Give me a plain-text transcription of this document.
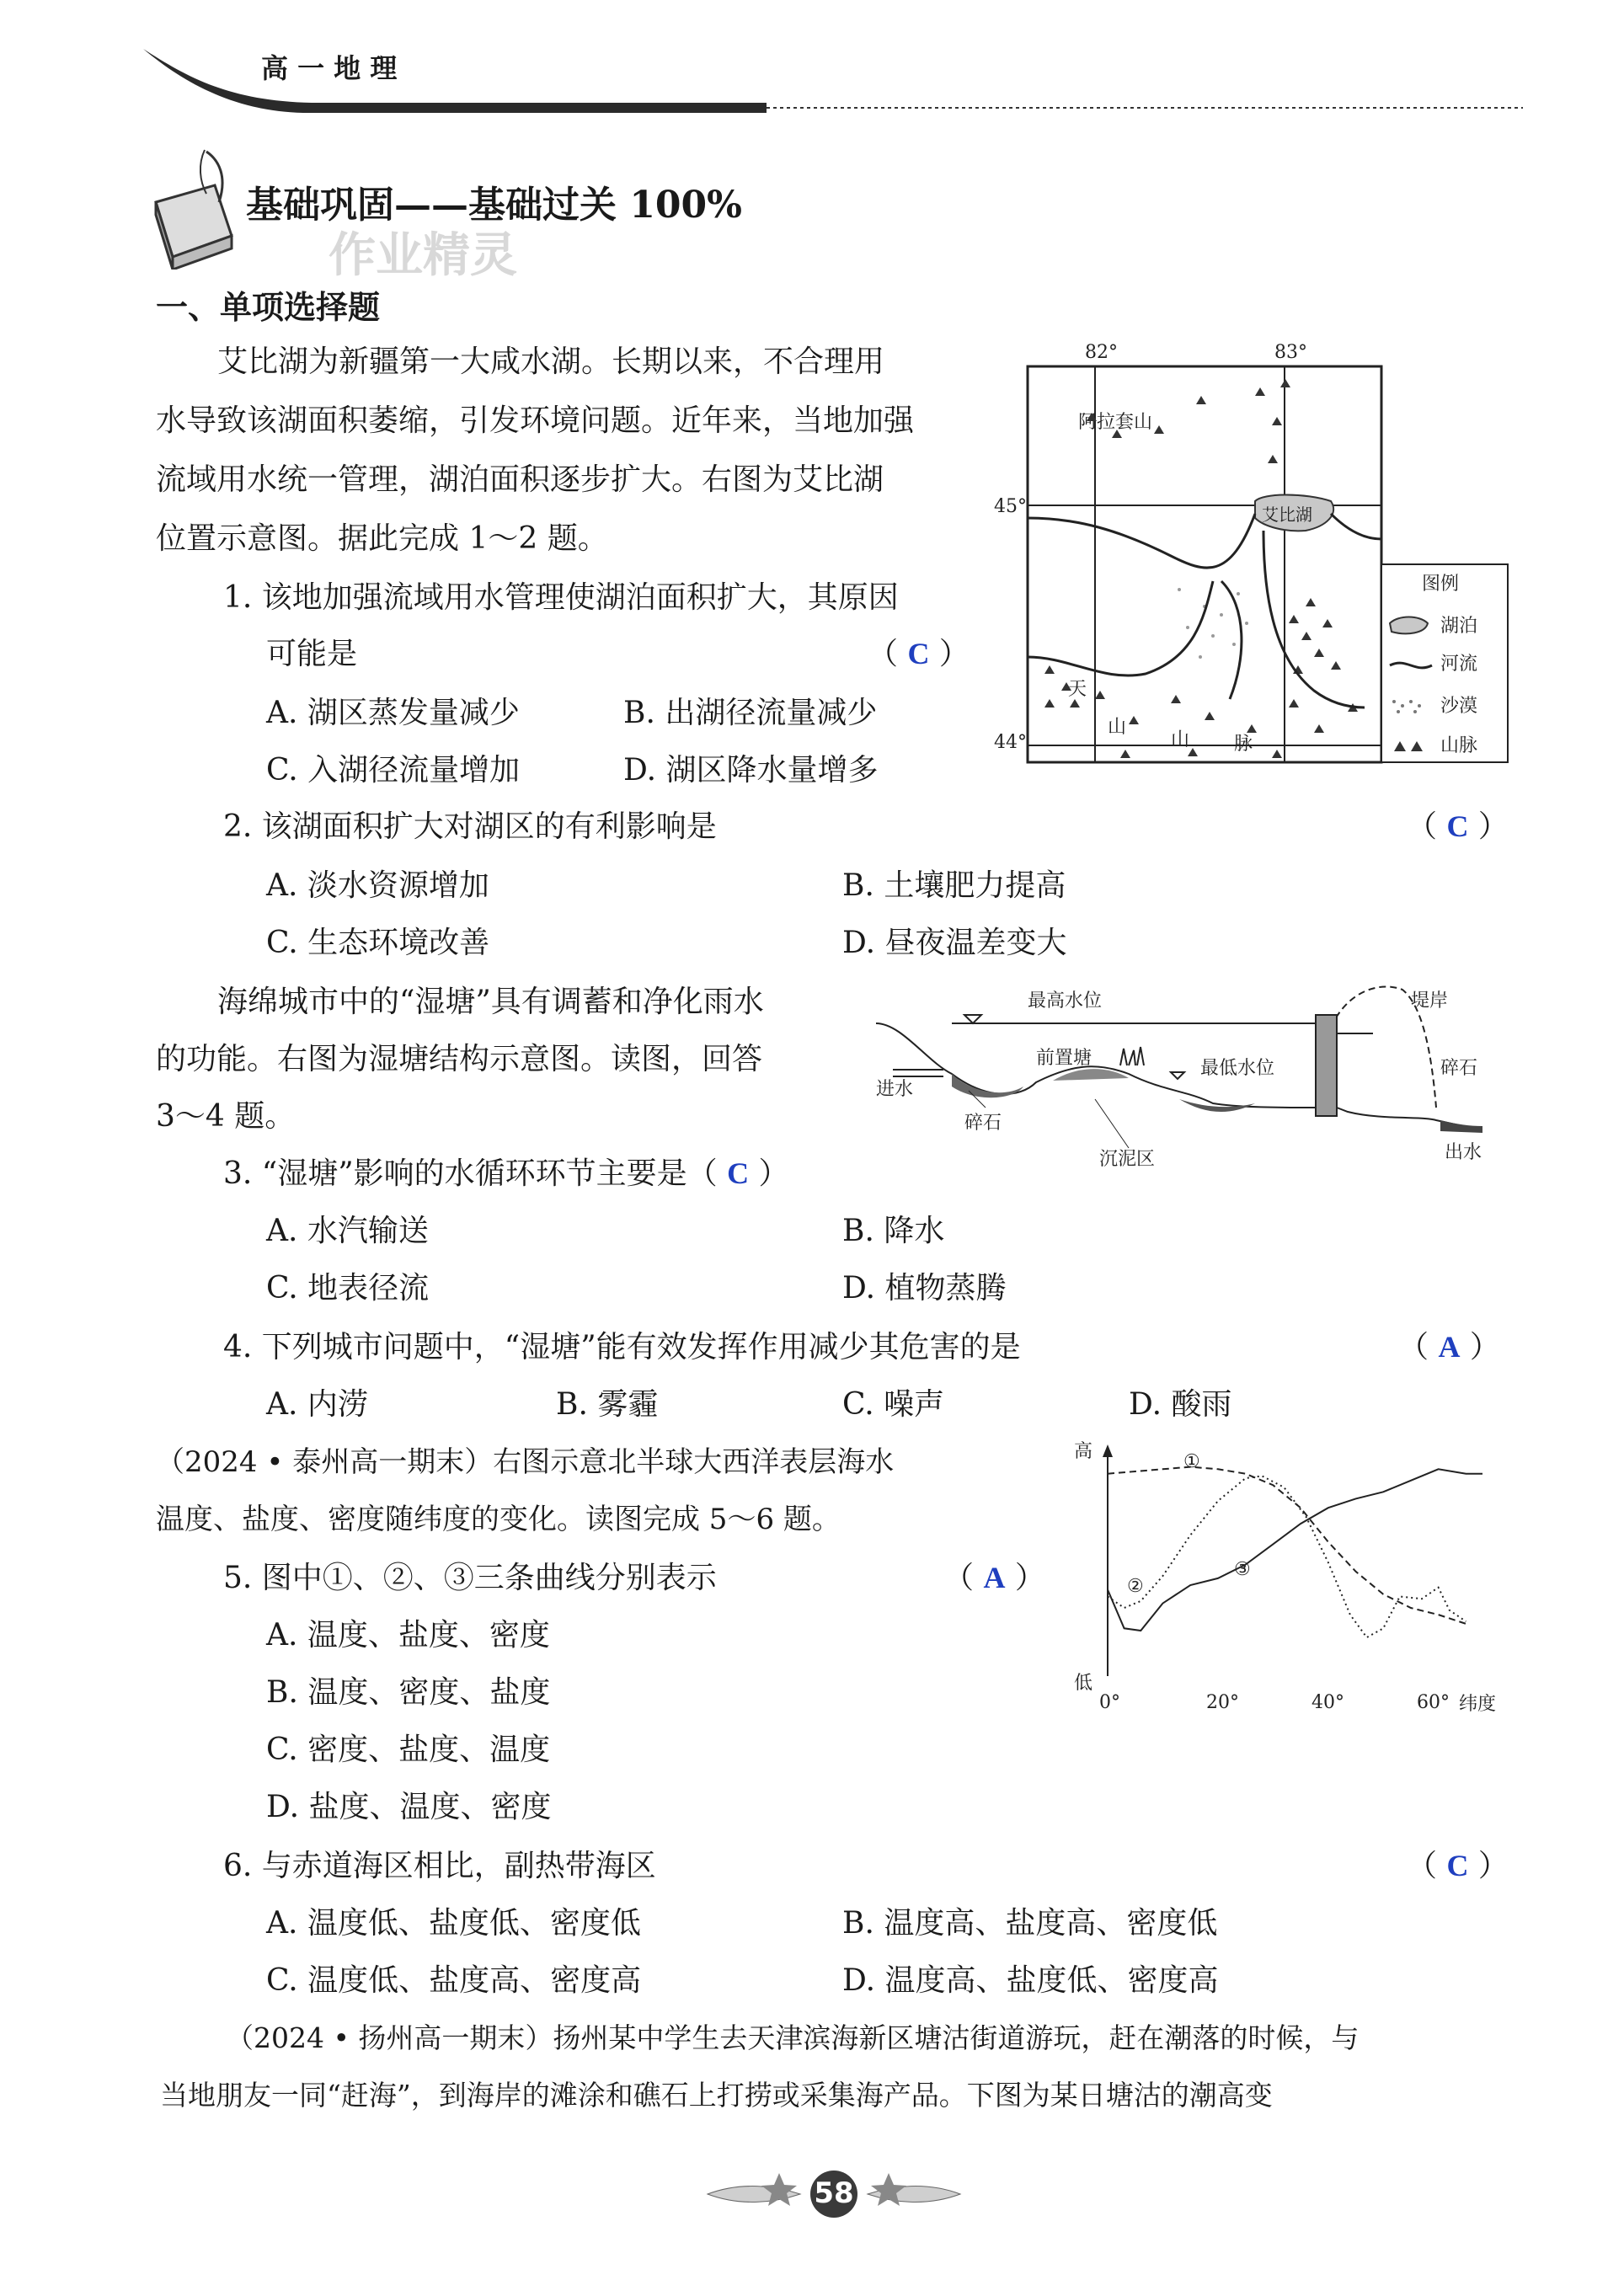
高 一 地 理
基础巩固——基础过关 100%
作业精灵
一、单项选择题
艾比湖为新疆第一大咸水湖。长期以来，不合理用
水导致该湖面积萎缩，引发环境问题。近年来，当地加强
流域用水统一管理，湖泊面积逐步扩大。右图为艾比湖
位置示意图。据此完成 1～2 题。
82°	83°
45°
44°
阿拉套山
艾比湖
天
山
山 脉
图例
湖泊
河流
沙漠
山脉
1. 该地加强流域用水管理使湖泊面积扩大，其原因
可能是	（ C ）
A. 湖区蒸发量减少	B. 出湖径流量减少
C. 入湖径流量增加	D. 湖区降水量增多
2. 该湖面积扩大对湖区的有利影响是	（ C ）
A. 淡水资源增加	B. 土壤肥力提高
C. 生态环境改善	D. 昼夜温差变大
海绵城市中的“湿塘”具有调蓄和净化雨水
的功能。右图为湿塘结构示意图。读图，回答
3～4 题。
最高水位	堤岸
进水
前置塘	最低水位
碎石
碎石
沉泥区	出水
3. “湿塘”影响的水循环环节主要是（ C ）
A. 水汽输送	B. 降水
C. 地表径流	D. 植物蒸腾
4. 下列城市问题中，“湿塘”能有效发挥作用减少其危害的是	（ A ）
A. 内涝	B. 雾霾	C. 噪声	D. 酸雨
（2024 • 泰州高一期末）右图示意北半球大西洋表层海水
温度、盐度、密度随纬度的变化。读图完成 5～6 题。
高
低
纬度
0°	20°	40°	60°
①
②
③
5. 图中①、②、③三条曲线分别表示	（ A ）
A. 温度、盐度、密度
B. 温度、密度、盐度
C. 密度、盐度、温度
D. 盐度、温度、密度
6. 与赤道海区相比，副热带海区	（ C ）
A. 温度低、盐度低、密度低	B. 温度高、盐度高、密度低
C. 温度低、盐度高、密度高	D. 温度高、盐度低、密度高
（2024 • 扬州高一期末）扬州某中学生去天津滨海新区塘沽街道游玩，赶在潮落的时候，与
当地朋友一同“赶海”，到海岸的滩涂和礁石上打捞或采集海产品。下图为某日塘沽的潮高变
58
